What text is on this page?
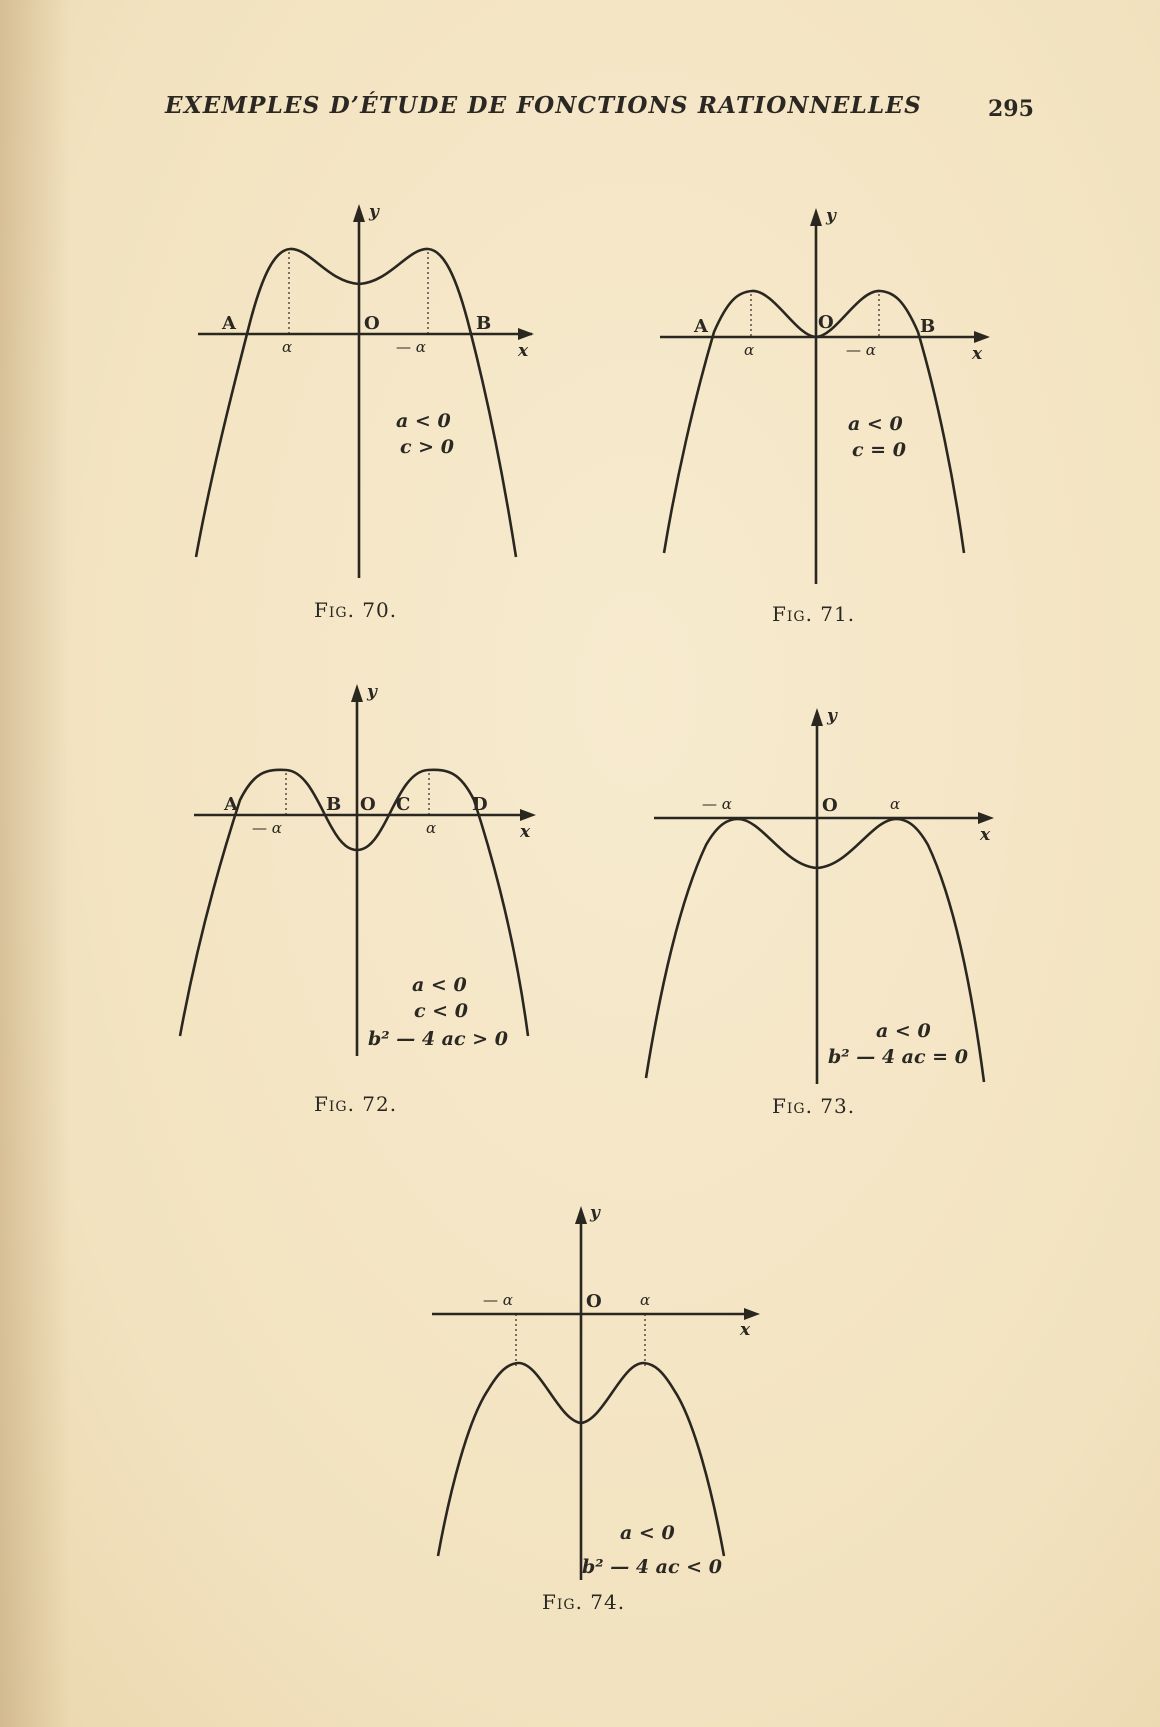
EXEMPLES D’ÉTUDE DE FONCTIONS RATIONNELLES	295
y
O
A	B
α	— α	x
a < 0
c > 0
Fig. 70.
y
O
A	B
α	— α	x
a < 0
c = 0
Fig. 71.
y
A	B O C	D
— α	α	x
a < 0
c < 0
b² — 4 ac > 0
Fig. 72.
y
— α	O	α
x
a < 0
b² — 4 ac = 0
Fig. 73.
y
— α	O	α
x
a < 0
b² — 4 ac < 0
Fig. 74.
